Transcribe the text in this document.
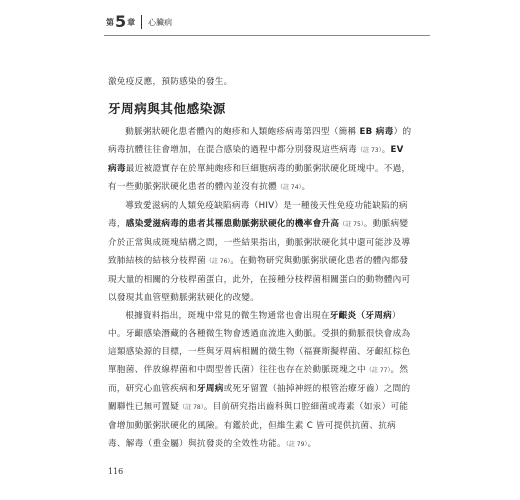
第 5 章 心臟病

激免疫反應，預防感染的發生。

牙周病與其他感染源

動脈粥狀硬化患者體內的皰疹和人類皰疹病毒第四型（簡稱 EB 病毒）的病毒抗體往往會增加，在混合感染的過程中都分別發現這些病毒（註 73）。EV 病毒最近被證實存在於單純皰疹和巨細胞病毒的動脈粥狀硬化斑塊中。不過，有一些動脈粥狀硬化患者的體內並沒有抗體（註 74）。

導致愛滋病的人類免疫缺陷病毒（HIV）是一種後天性免疫功能缺陷的病毒，感染愛滋病毒的患者其罹患動脈粥狀硬化的機率會升高（註 75）。動脈病變介於正常與成斑塊結構之間，一些結果指出，動脈粥狀硬化其中還可能涉及導致肺結核的結核分枝桿菌（註 76）。在動物研究與動脈粥狀硬化患者的體內都發現大量的相關的分枝桿菌蛋白，此外，在接種分枝桿菌相關蛋白的動物體內可以發現其血管壁動脈粥狀硬化的改變。

根據資料指出，斑塊中常見的微生物通常也會出現在牙齦炎（牙周病）中。牙齦感染潛藏的各種微生物會透過血流進入動脈。受損的動脈很快會成為這類感染源的目標，一些與牙周病相關的微生物（福賽斯擬桿菌、牙齦紅棕色單胞菌、伴放線桿菌和中間型普氏菌）往往也存在於動脈斑塊之中（註 77）。然而，研究心血管疾病和牙周病或死牙留置（抽掉神經的根管治療牙齒）之間的關聯性已無可置疑（註 78）。目前研究指出齒科與口腔細菌或毒素（如汞）可能會增加動脈粥狀硬化的風險。有鑑於此，但維生素 C 皆可提供抗菌、抗病毒、解毒（重金屬）與抗發炎的全效性功能。（註 79）。

116
